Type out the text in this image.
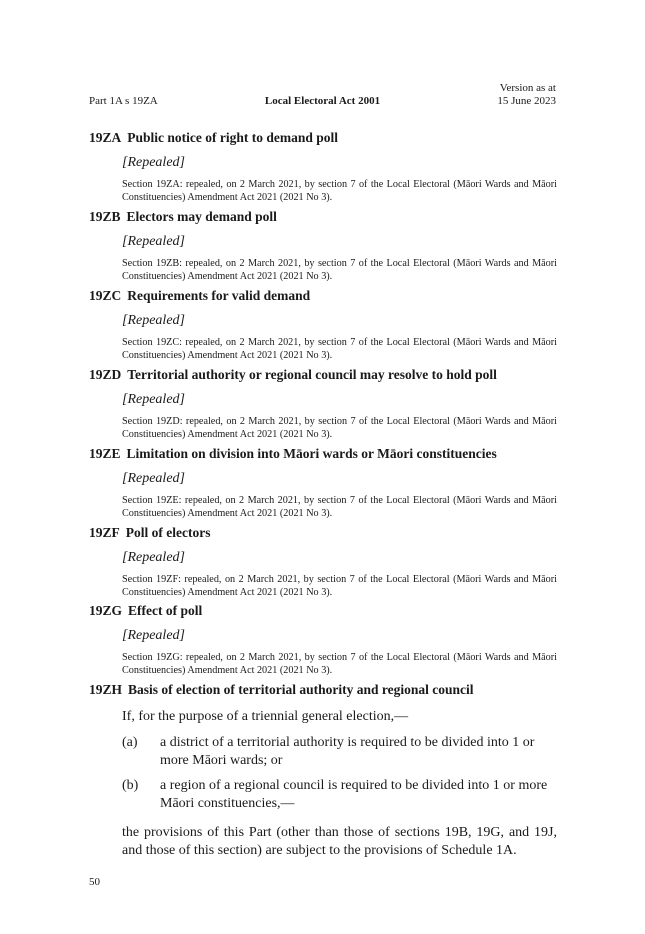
Part 1A s 19ZA	Local Electoral Act 2001
Version as at
15 June 2023

19ZA Public notice of right to demand poll

[Repealed]

Section 19ZA: repealed, on 2 March 2021, by section 7 of the Local Electoral (Māori Wards and Māori Constituencies) Amendment Act 2021 (2021 No 3).

19ZB Electors may demand poll

[Repealed]

Section 19ZB: repealed, on 2 March 2021, by section 7 of the Local Electoral (Māori Wards and Māori Constituencies) Amendment Act 2021 (2021 No 3).

19ZC Requirements for valid demand

[Repealed]

Section 19ZC: repealed, on 2 March 2021, by section 7 of the Local Electoral (Māori Wards and Māori Constituencies) Amendment Act 2021 (2021 No 3).

19ZD Territorial authority or regional council may resolve to hold poll

[Repealed]

Section 19ZD: repealed, on 2 March 2021, by section 7 of the Local Electoral (Māori Wards and Māori Constituencies) Amendment Act 2021 (2021 No 3).

19ZE Limitation on division into Māori wards or Māori constituencies

[Repealed]

Section 19ZE: repealed, on 2 March 2021, by section 7 of the Local Electoral (Māori Wards and Māori Constituencies) Amendment Act 2021 (2021 No 3).

19ZF Poll of electors

[Repealed]

Section 19ZF: repealed, on 2 March 2021, by section 7 of the Local Electoral (Māori Wards and Māori Constituencies) Amendment Act 2021 (2021 No 3).

19ZG Effect of poll

[Repealed]

Section 19ZG: repealed, on 2 March 2021, by section 7 of the Local Electoral (Māori Wards and Māori Constituencies) Amendment Act 2021 (2021 No 3).

19ZH Basis of election of territorial authority and regional council

If, for the purpose of a triennial general election,—

(a)	a district of a territorial authority is required to be divided into 1 or more Māori wards; or
(b)	a region of a regional council is required to be divided into 1 or more Māori constituencies,—

the provisions of this Part (other than those of sections 19B, 19G, and 19J, and those of this section) are subject to the provisions of Schedule 1A.

50
